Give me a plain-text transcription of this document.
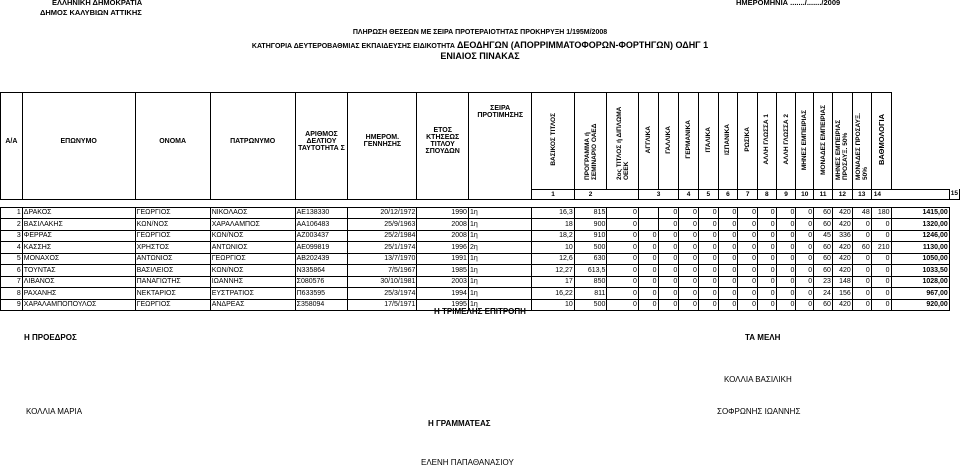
ΕΛΛΗΝΙΚΗ ΔΗΜΟΚΡΑΤΙΑ
ΔΗΜΟΣ ΚΑΛΥΒΙΩΝ ΑΤΤΙΚΗΣ
ΗΜΕΡΟΜΗΝΙΑ ......./......./2009
ΠΛΗΡΩΣΗ ΘΕΣΕΩΝ ΜΕ ΣΕΙΡΑ ΠΡΟΤΕΡΑΙΟΤΗΤΑΣ ΠΡΟΚΗΡΥΞΗ 1/195Μ/2008
ΚΑΤΗΓΟΡΙΑ ΔΕΥΤΕΡΟΒΑΘΜΙΑΣ ΕΚΠΑΙΔΕΥΣΗΣ ΕΙΔΙΚΟΤΗΤΑ ΔΕΟΔΗΓΩΝ (ΑΠΟΡΡΙΜΜΑΤΟΦΟΡΩΝ-ΦΟΡΤΗΓΩΝ) ΟΔΗΓ 1
ΕΝΙΑΙΟΣ ΠΙΝΑΚΑΣ
Α/Α	ΕΠΩΝΥΜΟ	ΟΝΟΜΑ	ΠΑΤΡΩΝΥΜΟ	ΑΡΙΘΜΟΣ ΔΕΛΤΙΟΥ ΤΑΥΤΟΤΗΤΑ Σ	ΗΜΕΡΟΜ. ΓΕΝΝΗΣΗΣ	ΕΤΟΣ ΚΤΗΣΕΩΣ ΤΙΤΛΟΥ ΣΠΟΥΔΩΝ	ΣΕΙΡΑ ΠΡΟΤΙΜΗΣΗΣ	ΒΑΣΙΚΟΣ ΤΙΤΛΟΣ	ΠΡΟΓΡΑΜΜΑ ή ΣΕΜΙΝΑΡΙΟ ΟΑΕΔ	2ος ΤΙΤΛΟΣ ή ΔΙΠΛΩΜΑ ΟΕΕΚ	ΑΓΓΛΙΚΑ	ΓΑΛΛΙΚΑ	ΓΕΡΜΑΝΙΚΑ	ΙΤΑΛΙΚΑ	ΙΣΠΑΝΙΚΑ	ΡΩΣΙΚΑ	ΑΛΛΗ ΓΛΩΣΣΑ 1	ΑΛΛΗ ΓΛΩΣΣΑ 2	ΜΗΝΕΣ ΕΜΠΕΙΡΙΑΣ	ΜΟΝΑΔΕΣ ΕΜΠΕΙΡΙΑΣ	ΜΗΝΕΣ ΕΜΠΕΙΡΙΑΣ ΠΡΟΣΑΥΞ. 50%	ΜΟΝΑΔΕΣ ΠΡΟΣΑΥΞ. 50%	ΒΑΘΜΟΛΟΓΙΑ		
								1	2		3		4	5	6	7	8	9	10	11	12	13	14		15

1	ΔΡΑΚΟΣ	ΓΕΩΡΓΙΟΣ	ΝΙΚΟΛΑΟΣ	ΑΕ138330	20/12/1972	1990	1η	16,3	815	0		0	0	0	0	0	0	0	0	60	420	48	180	1415,00	
2	ΒΑΣΙΛΑΚΗΣ	ΚΩΝ/ΝΟΣ	ΧΑΡΑΛΑΜΠΟΣ	ΑΑ106483	25/9/1963	2008	1η	18	900	0		0	0	0	0	0	0	0	0	60	420	0	0	1320,00	
3	ΦΕΡΡΑΣ	ΓΕΩΡΓΙΟΣ	ΚΩΝ/ΝΟΣ	ΑΖ003437	25/2/1984	2008	1η	18,2	910	0	0	0	0	0	0	0	0	0	0	45	336	0	0	1246,00	
4	ΚΑΣΣΗΣ	ΧΡΗΣΤΟΣ	ΑΝΤΩΝΙΟΣ	ΑΕ099819	25/1/1974	1996	2η	10	500	0	0	0	0	0	0	0	0	0	0	60	420	60	210	1130,00	
5	ΜΟΝΑΧΟΣ	ΑΝΤΩΝΙΟΣ	ΓΕΩΡΓΙΟΣ	ΑΒ202439	13/7/1970	1991	1η	12,6	630	0	0	0	0	0	0	0	0	0	0	60	420	0	0	1050,00	
6	ΤΟΥΝΤΑΣ	ΒΑΣΙΛΕΙΟΣ	ΚΩΝ/ΝΟΣ	Ν335864	7/5/1967	1985	1η	12,27	613,5	0	0	0	0	0	0	0	0	0	0	60	420	0	0	1033,50	
7	ΛΙΒΑΝΟΣ	ΠΑΝΑΓΙΩΤΗΣ	ΙΩΑΝΝΗΣ	Σ080576	30/10/1981	2003	1η	17	850	0	0	0	0	0	0	0	0	0	0	23	148	0	0	1028,00	
8	ΡΑΧΑΝΗΣ	ΝΕΚΤΑΡΙΟΣ	ΕΥΣΤΡΑΤΙΟΣ	Π633595	25/3/1974	1994	1η	16,22	811	0	0	0	0	0	0	0	0	0	0	24	156	0	0	967,00	
9	ΧΑΡΑΛΑΜΠΟΠΟΥΛΟΣ	ΓΕΩΡΓΙΟΣ	ΑΝΔΡΕΑΣ	Σ358094	17/5/1971	1995	1η	10	500	0	0	0	0	0	0	0	0	0	0	60	420	0	0	920,00	
Η ΤΡΙΜΕΛΗΣ ΕΠΙΤΡΟΠΗ
Η ΠΡΟΕΔΡΟΣ	ΤΑ ΜΕΛΗ
ΚΟΛΛΙΑ ΒΑΣΙΛΙΚΗ
ΚΟΛΛΙΑ ΜΑΡΙΑ	ΣΟΦΡΩΝΗΣ ΙΩΑΝΝΗΣ
Η ΓΡΑΜΜΑΤΕΑΣ
ΕΛΕΝΗ ΠΑΠΑΘΑΝΑΣΙΟΥ
